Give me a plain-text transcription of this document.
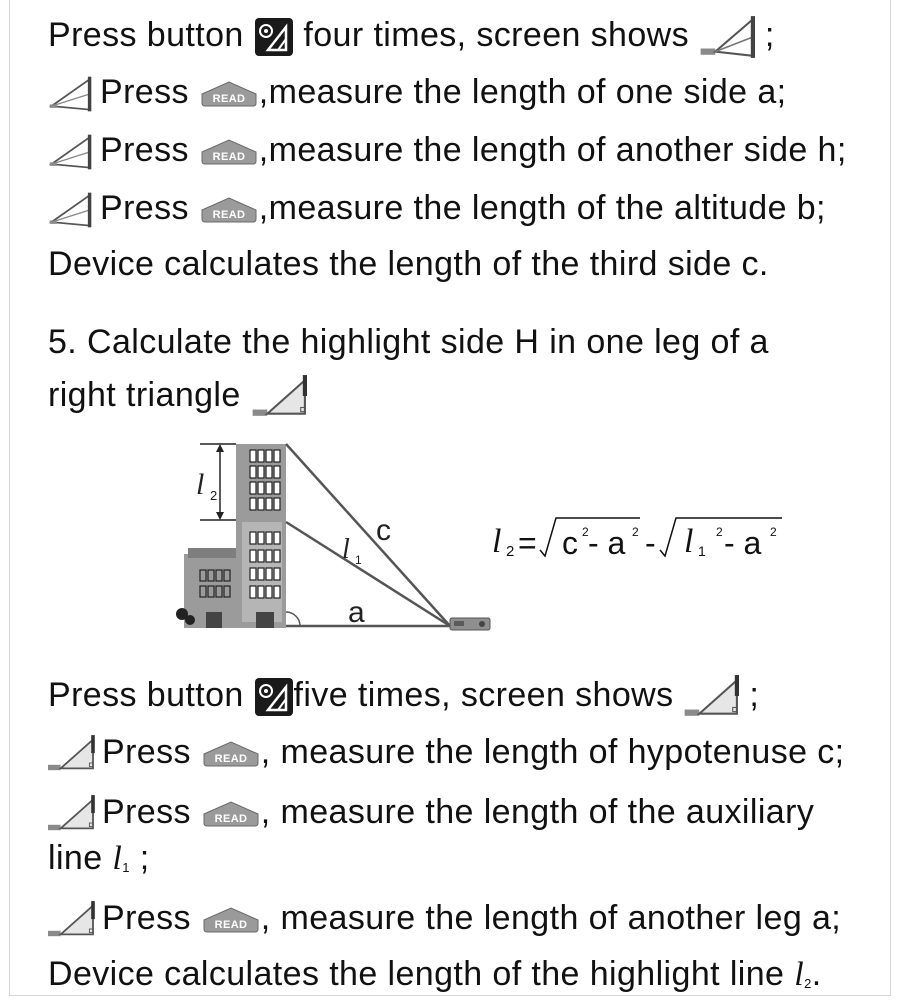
Press button four times, screen shows ;
Press ,measure the length of one side a;
Press ,measure the length of another side h;
Press ,measure the length of the altitude b;
Device calculates the length of the third side c.
5. Calculate the highlight side H in one leg of a
right triangle
l 2
l 1
c
a
l 2 = c 2 - a 2 - l 1
2 - a 2
Press button five times, screen shows ;
Press , measure the length of hypotenuse c;
Press , measure the length of the auxiliary
line $l_1$ ;
Press , measure the length of another leg a;
Device calculates the length of the highlight line $l_2$.
